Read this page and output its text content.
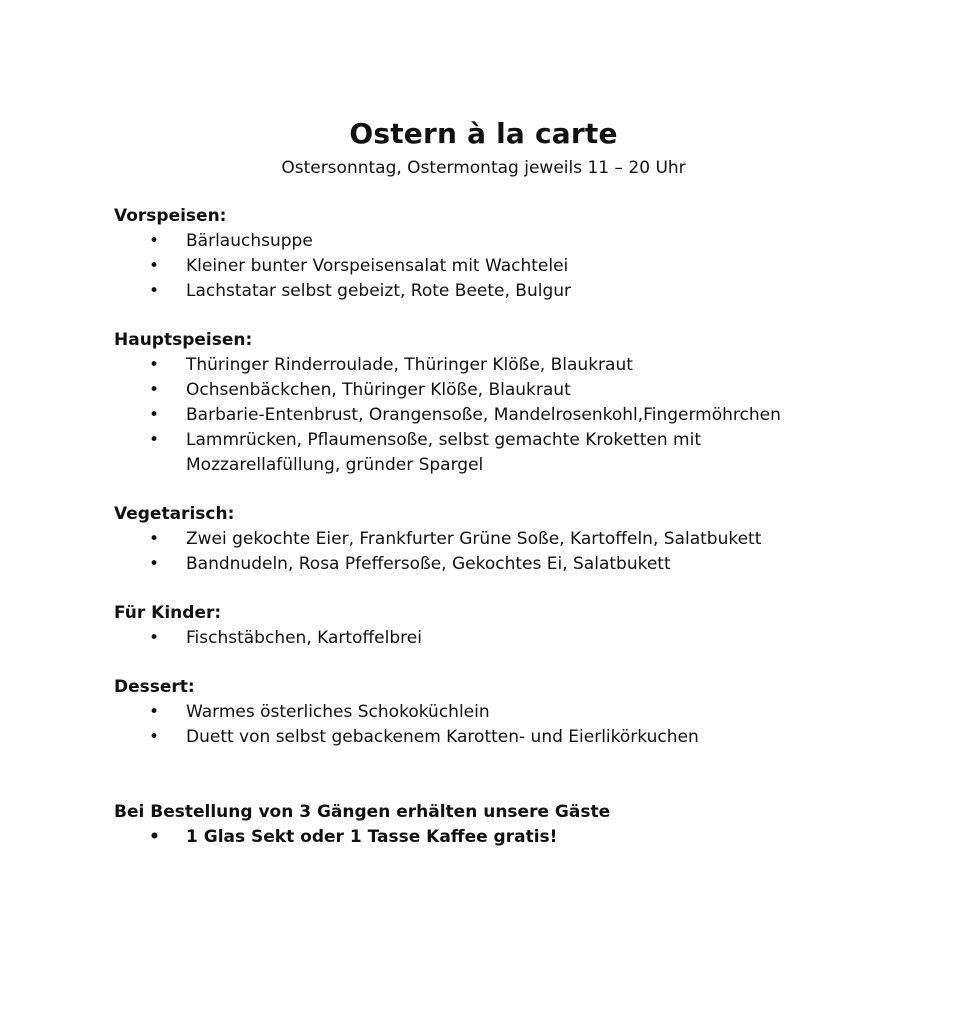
Ostern à la carte
Ostersonntag, Ostermontag jeweils 11 – 20 Uhr
Vorspeisen:
• Bärlauchsuppe
• Kleiner bunter Vorspeisensalat mit Wachtelei
• Lachstatar selbst gebeizt, Rote Beete, Bulgur
Hauptspeisen:
• Thüringer Rinderroulade, Thüringer Klöße, Blaukraut
• Ochsenbäckchen, Thüringer Klöße, Blaukraut
• Barbarie-Entenbrust, Orangensoße, Mandelrosenkohl,Fingermöhrchen
• Lammrücken, Pflaumensoße, selbst gemachte Kroketten mit Mozzarellafüllung, gründer Spargel
Vegetarisch:
• Zwei gekochte Eier, Frankfurter Grüne Soße, Kartoffeln, Salatbukett
• Bandnudeln, Rosa Pfeffersoße, Gekochtes Ei, Salatbukett
Für Kinder:
• Fischstäbchen, Kartoffelbrei
Dessert:
• Warmes österliches Schokoküchlein
• Duett von selbst gebackenem Karotten- und Eierlikörkuchen
Bei Bestellung von 3 Gängen erhälten unsere Gäste
• 1 Glas Sekt oder 1 Tasse Kaffee gratis!
